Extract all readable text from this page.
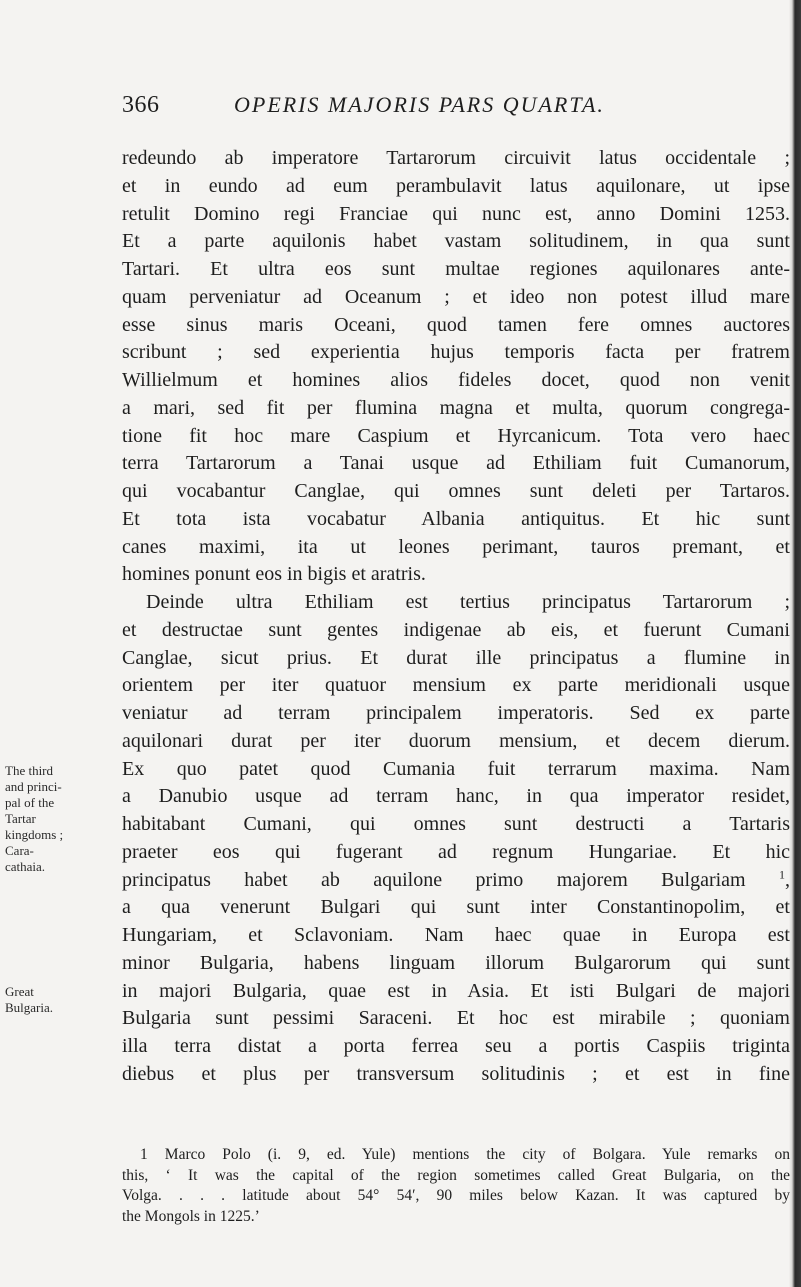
366	OPERIS MAJORIS PARS QUARTA.
The third
and princi-
pal of the
Tartar
kingdoms ;
Cara-
cathaia.
Great
Bulgaria.
redeundo ab imperatore Tartarorum circuivit latus occidentale ;
et in eundo ad eum perambulavit latus aquilonare, ut ipse
retulit Domino regi Franciae qui nunc est, anno Domini 1253.
Et a parte aquilonis habet vastam solitudinem, in qua sunt
Tartari. Et ultra eos sunt multae regiones aquilonares ante-
quam perveniatur ad Oceanum ; et ideo non potest illud mare
esse sinus maris Oceani, quod tamen fere omnes auctores
scribunt ; sed experientia hujus temporis facta per fratrem
Willielmum et homines alios fideles docet, quod non venit
a mari, sed fit per flumina magna et multa, quorum congrega-
tione fit hoc mare Caspium et Hyrcanicum. Tota vero haec
terra Tartarorum a Tanai usque ad Ethiliam fuit Cumanorum,
qui vocabantur Canglae, qui omnes sunt deleti per Tartaros.
Et tota ista vocabatur Albania antiquitus. Et hic sunt
canes maximi, ita ut leones perimant, tauros premant, et
homines ponunt eos in bigis et aratris.
Deinde ultra Ethiliam est tertius principatus Tartarorum ;
et destructae sunt gentes indigenae ab eis, et fuerunt Cumani
Canglae, sicut prius. Et durat ille principatus a flumine in
orientem per iter quatuor mensium ex parte meridionali usque
veniatur ad terram principalem imperatoris. Sed ex parte
aquilonari durat per iter duorum mensium, et decem dierum.
Ex quo patet quod Cumania fuit terrarum maxima. Nam
a Danubio usque ad terram hanc, in qua imperator residet,
habitabant Cumani, qui omnes sunt destructi a Tartaris
praeter eos qui fugerant ad regnum Hungariae. Et hic
principatus habet ab aquilone primo majorem Bulgariam	$^1$,
a qua venerunt Bulgari qui sunt inter Constantinopolim, et
Hungariam, et Sclavoniam. Nam haec quae in Europa est
minor Bulgaria, habens linguam illorum Bulgarorum qui sunt
in majori Bulgaria, quae est in Asia. Et isti Bulgari de majori
Bulgaria sunt pessimi Saraceni. Et hoc est mirabile ; quoniam
illa terra distat a porta ferrea seu a portis Caspiis triginta
diebus et plus per transversum solitudinis ; et est in fine
1 Marco Polo (i. 9, ed. Yule) mentions the city of Bolgara. Yule remarks on
this, ‘ It was the capital of the region sometimes called Great Bulgaria, on the
Volga. . . . latitude about 54° 54′, 90 miles below Kazan. It was captured by
the Mongols in 1225.’
